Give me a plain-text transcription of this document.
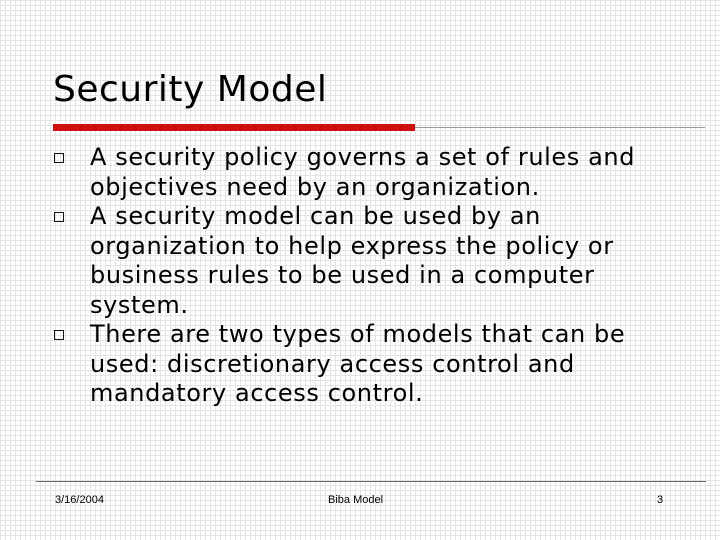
Security Model
A security policy governs a set of rules and objectives need by an organization.
A security model can be used by an organization to help express the policy or business rules to be used in a computer system.
There are two types of models that can be used: discretionary access control and mandatory access control.
3/16/2004	Biba Model	3
